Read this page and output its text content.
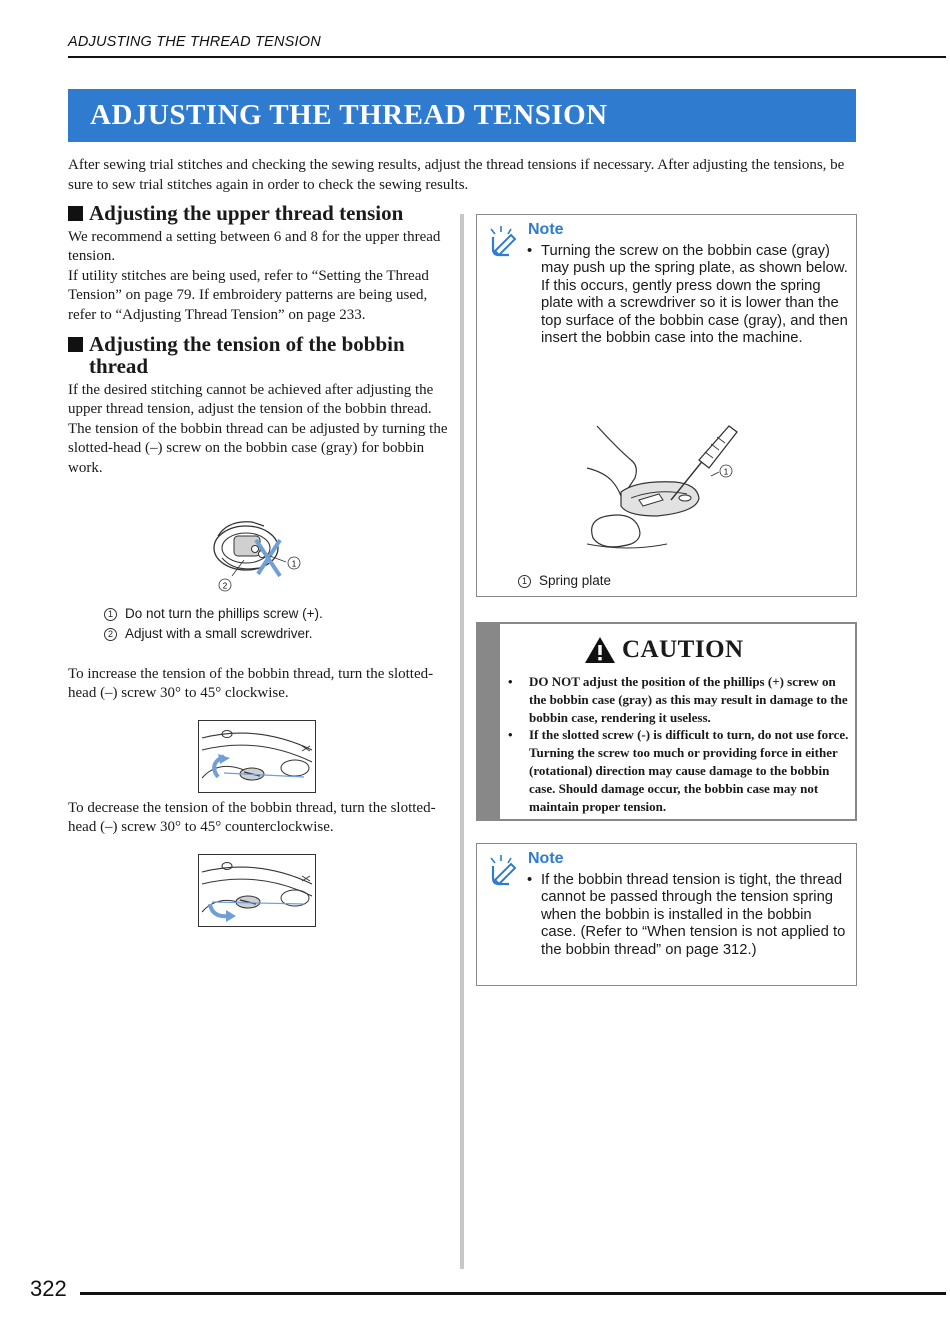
ADJUSTING THE THREAD TENSION
ADJUSTING THE THREAD TENSION

After sewing trial stitches and checking the sewing results, adjust the thread tensions if necessary. After adjusting the tensions, be sure to sew trial stitches again in order to check the sewing results.

Adjusting the upper thread tension

We recommend a setting between 6 and 8 for the upper thread tension.

If utility stitches are being used, refer to “Setting the Thread Tension” on page 79. If embroidery patterns are being used, refer to “Adjusting Thread Tension” on page 233.

Adjusting the tension of the bobbin
thread

If the desired stitching cannot be achieved after adjusting the upper thread tension, adjust the tension of the bobbin thread. The tension of the bobbin thread can be adjusted by turning the slotted-head (–) screw on the bobbin case (gray) for bobbin work.

1
2
1 Do not turn the phillips screw (+).
2 Adjust with a small screwdriver.

To increase the tension of the bobbin thread, turn the slotted-head (–) screw 30° to 45° clockwise.

To decrease the tension of the bobbin thread, turn the slotted-head (–) screw 30° to 45° counterclockwise.

Note
• Turning the screw on the bobbin case (gray) may push up the spring plate, as shown below.
If this occurs, gently press down the spring plate with a screwdriver so it is lower than the top surface of the bobbin case (gray), and then insert the bobbin case into the machine.
1
1 Spring plate
CAUTION
• DO NOT adjust the position of the phillips (+) screw on the bobbin case (gray) as this may result in damage to the bobbin case, rendering it useless.
• If the slotted screw (-) is difficult to turn, do not use force. Turning the screw too much or providing force in either (rotational) direction may cause damage to the bobbin case. Should damage occur, the bobbin case may not maintain proper tension.
Note
• If the bobbin thread tension is tight, the thread cannot be passed through the tension spring when the bobbin is installed in the bobbin case. (Refer to “When tension is not applied to the bobbin thread” on page 312.)
322
